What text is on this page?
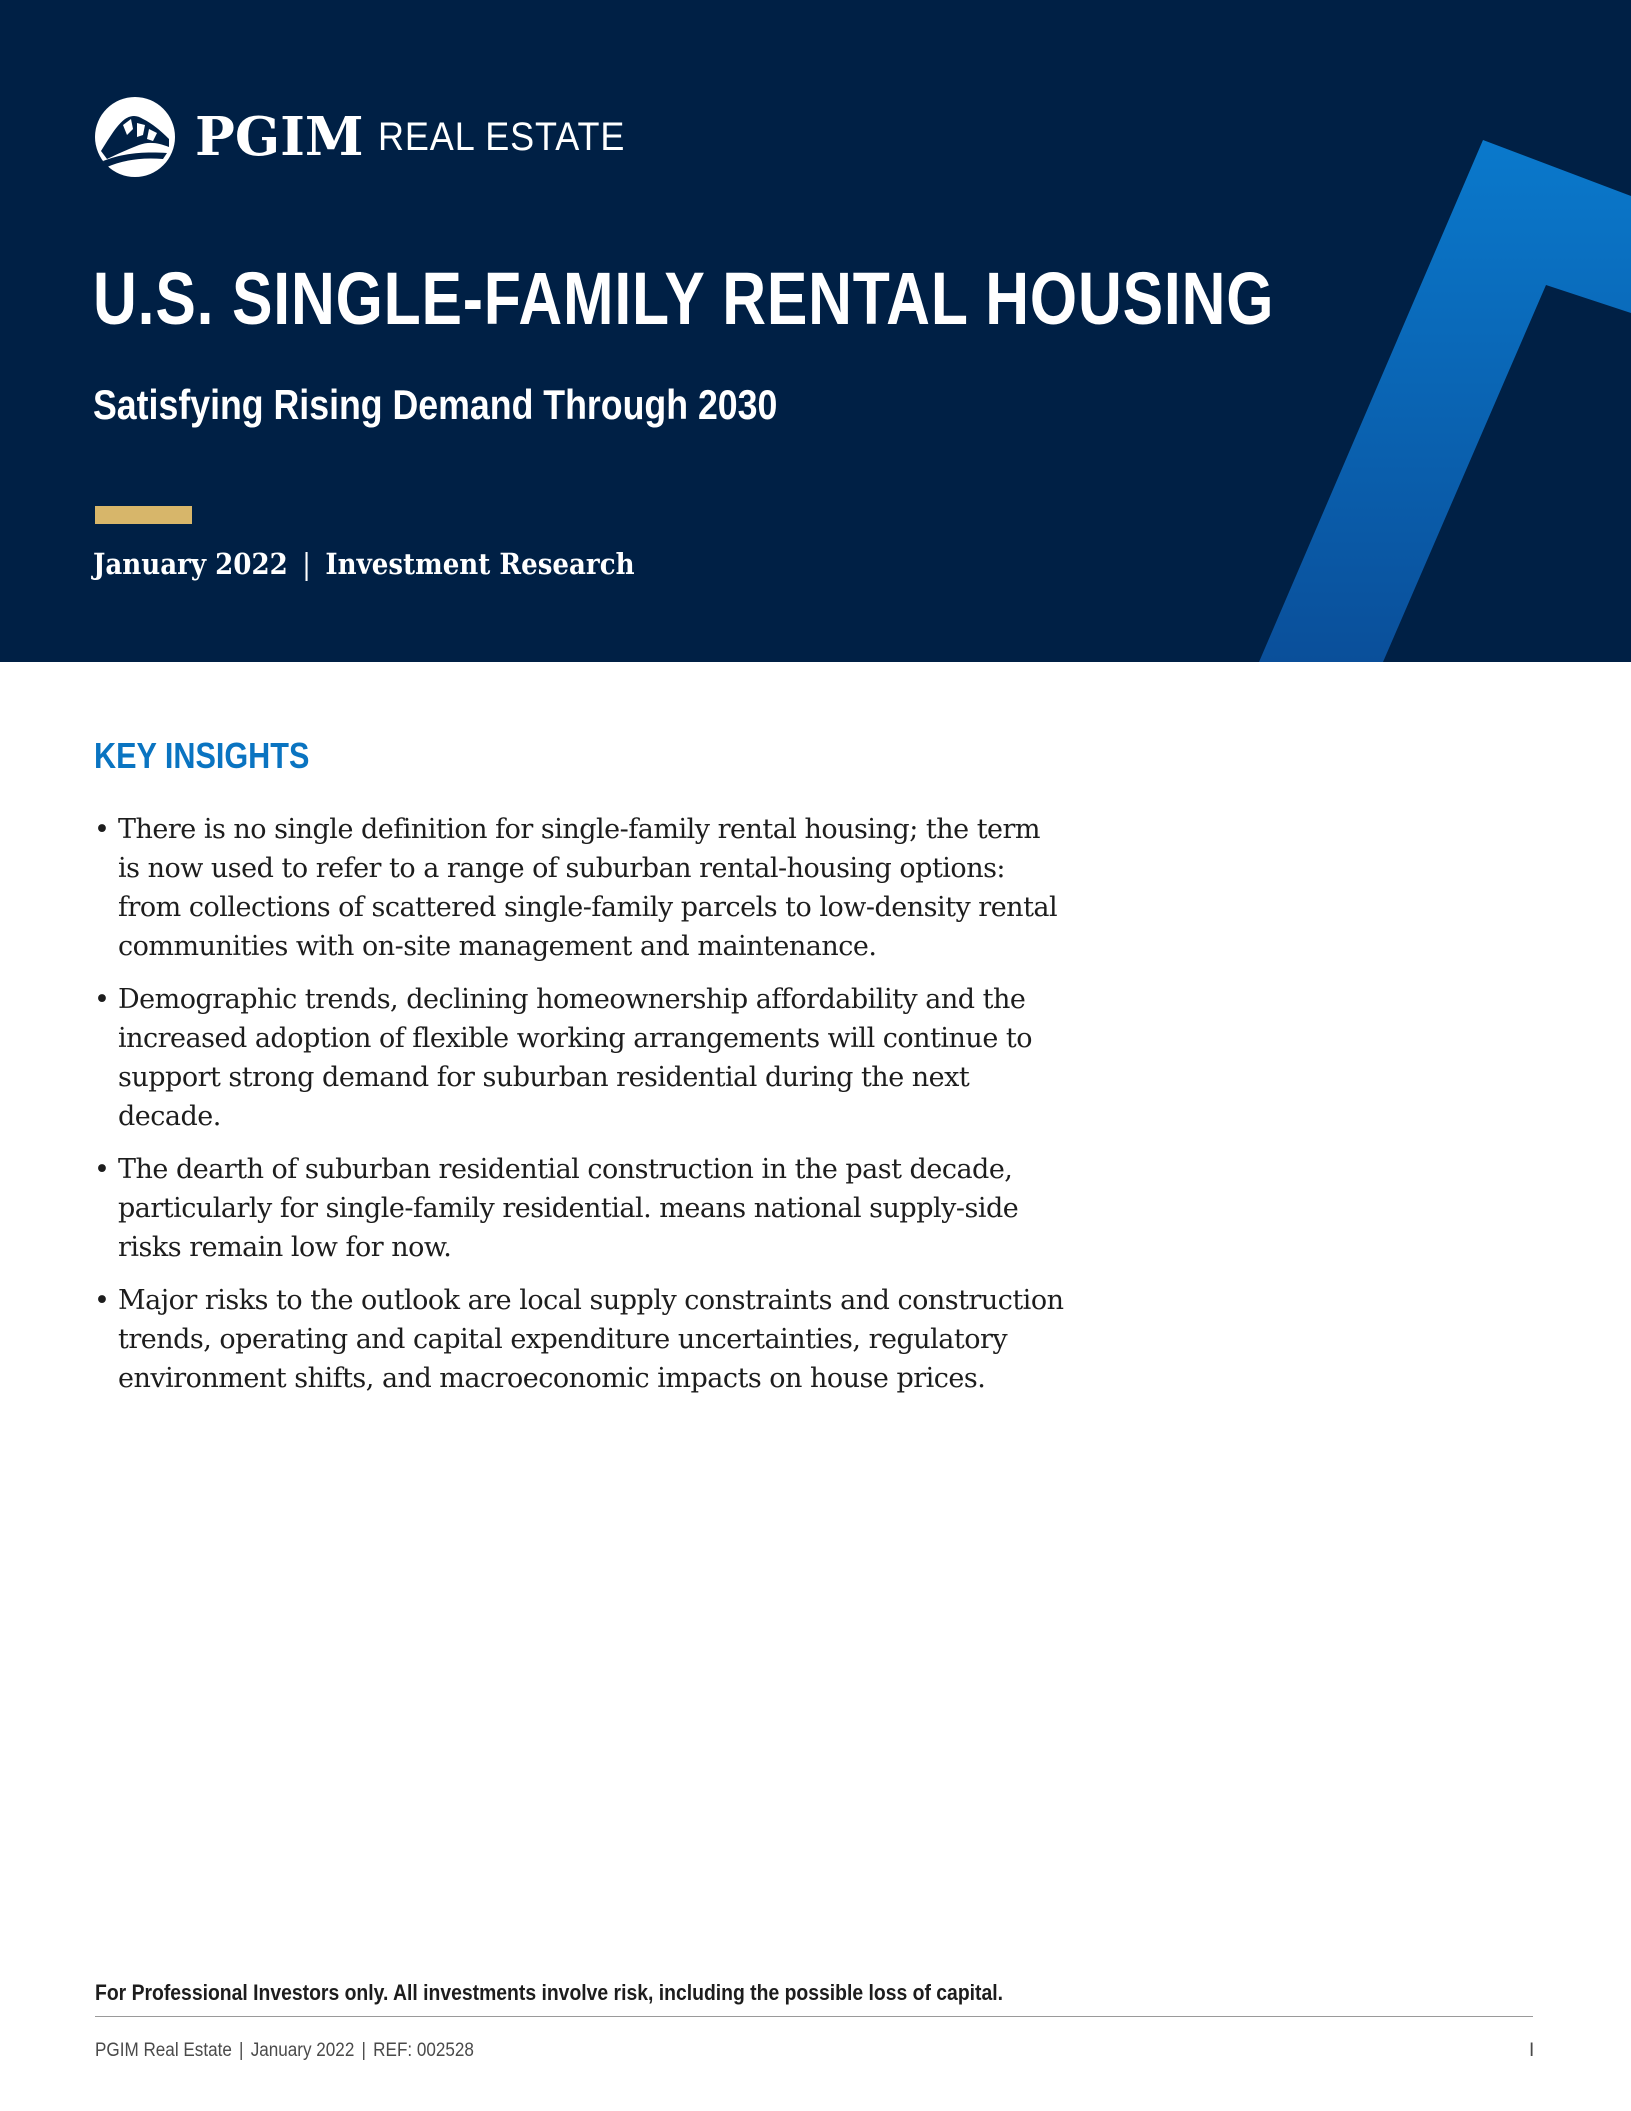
PGIM REAL ESTATE
U.S. SINGLE-FAMILY RENTAL HOUSING
Satisfying Rising Demand Through 2030
January 2022 | Investment Research
KEY INSIGHTS
• There is no single definition for single-family rental housing; the term is now used to refer to a range of suburban rental-housing options: from collections of scattered single-family parcels to low-density rental communities with on-site management and maintenance.
• Demographic trends, declining homeownership affordability and the increased adoption of flexible working arrangements will continue to support strong demand for suburban residential during the next decade.
• The dearth of suburban residential construction in the past decade, particularly for single-family residential. means national supply-side risks remain low for now.
• Major risks to the outlook are local supply constraints and construction trends, operating and capital expenditure uncertainties, regulatory environment shifts, and macroeconomic impacts on house prices.
For Professional Investors only. All investments involve risk, including the possible loss of capital.
PGIM Real Estate | January 2022 | REF: 002528	I
